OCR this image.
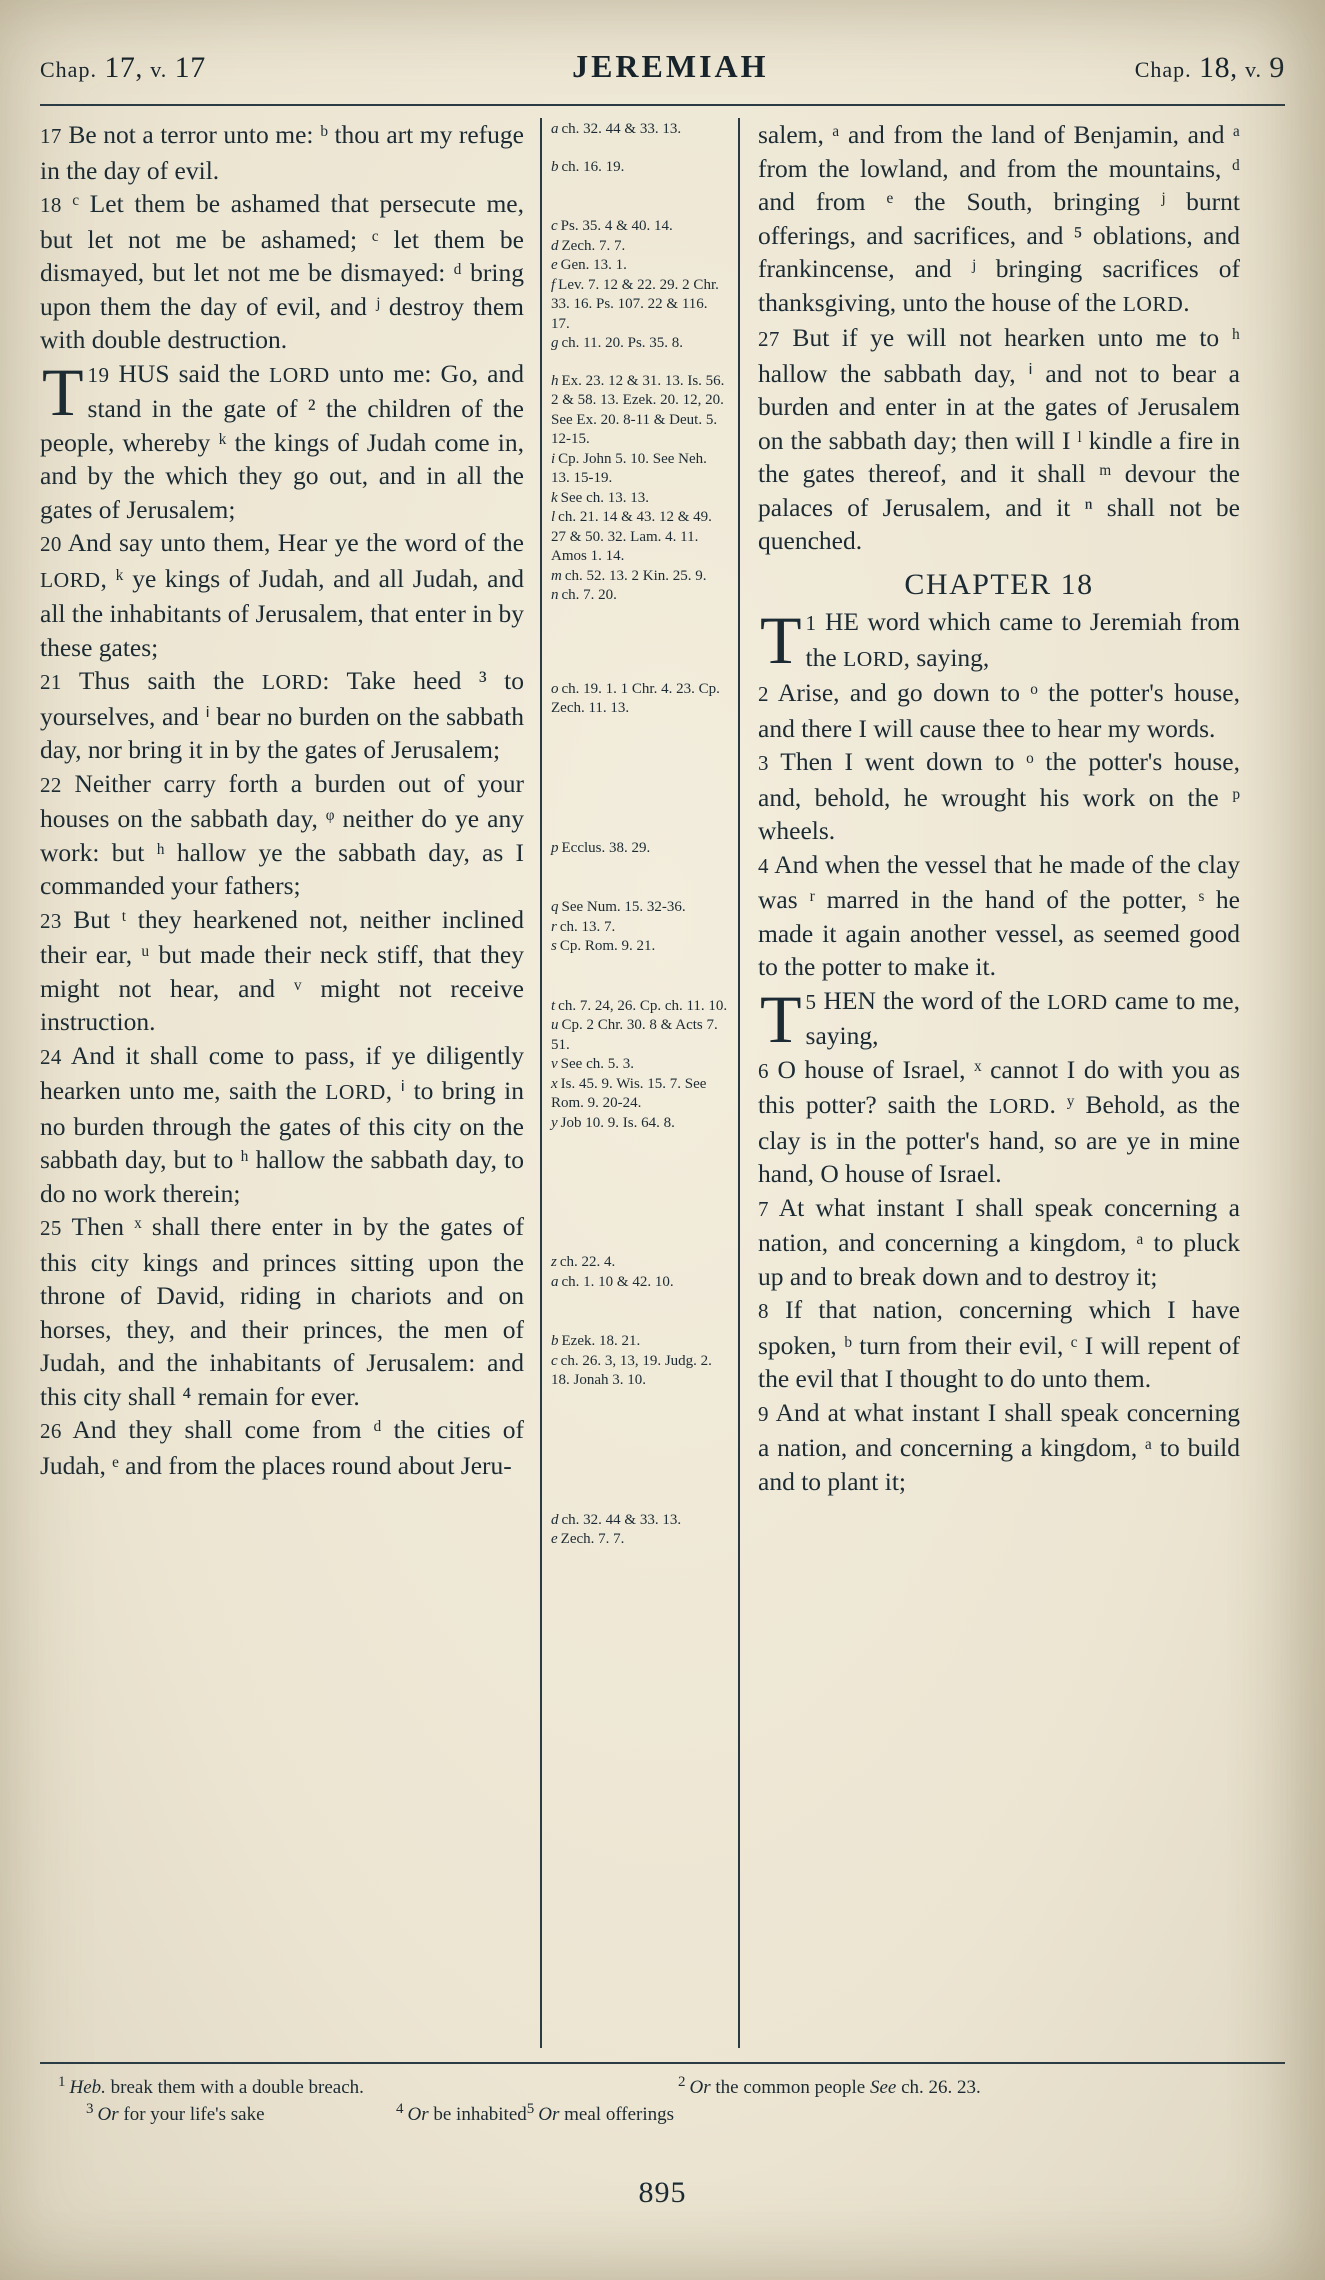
Chap. 17, v. 17	JEREMIAH	Chap. 18, v. 9

17 Be not a terror unto me: ᵇ thou art my refuge in the day of evil.

18 ᶜ Let them be ashamed that persecute me, but let not me be ashamed; ᶜ let them be dismayed, but let not me be dismayed: ᵈ bring upon them the day of evil, and ʲ destroy them with double destruction.

19
T HUS said the LORD unto me: Go, and stand in the gate of ² the children of the people, whereby ᵏ the kings of Judah come in, and by the which they go out, and in all the gates of Jerusalem;

20 And say unto them, Hear ye the word of the LORD, ᵏ ye kings of Judah, and all Judah, and all the inhabitants of Jerusalem, that enter in by these gates;

21 Thus saith the LORD: Take heed ³ to yourselves, and ⁱ bear no burden on the sabbath day, nor bring it in by the gates of Jerusalem;

22 Neither carry forth a burden out of your houses on the sabbath day, ᵠ neither do ye any work: but ʰ hallow ye the sabbath day, as I commanded your fathers;

23 But ᵗ they hearkened not, neither inclined their ear, ᵘ but made their neck stiff, that they might not hear, and ᵛ might not receive instruction.

24 And it shall come to pass, if ye diligently hearken unto me, saith the LORD, ⁱ to bring in no burden through the gates of this city on the sabbath day, but to ʰ hallow the sabbath day, to do no work therein;

25 Then ˣ shall there enter in by the gates of this city kings and princes sitting upon the throne of David, riding in chariots and on horses, they, and their princes, the men of Judah, and the inhabitants of Jerusalem: and this city shall ⁴ remain for ever.

26 And they shall come from ᵈ the cities of Judah, ᵉ and from the places round about Jeru-

a ch. 32. 44 & 33. 13.
b ch. 16. 19.
c Ps. 35. 4 & 40. 14.
d Zech. 7. 7.
e Gen. 13. 1.
f Lev. 7. 12 & 22. 29. 2 Chr. 33. 16. Ps. 107. 22 & 116. 17.
g ch. 11. 20. Ps. 35. 8.
h Ex. 23. 12 & 31. 13. Is. 56. 2 & 58. 13. Ezek. 20. 12, 20. See Ex. 20. 8-11 & Deut. 5. 12-15.
i Cp. John 5. 10. See Neh. 13. 15-19.
k See ch. 13. 13.
l ch. 21. 14 & 43. 12 & 49. 27 & 50. 32. Lam. 4. 11. Amos 1. 14.
m ch. 52. 13. 2 Kin. 25. 9.
n ch. 7. 20.
o ch. 19. 1. 1 Chr. 4. 23. Cp. Zech. 11. 13.
p Ecclus. 38. 29.
q See Num. 15. 32-36.
r ch. 13. 7.
s Cp. Rom. 9. 21.
t ch. 7. 24, 26. Cp. ch. 11. 10.
u Cp. 2 Chr. 30. 8 & Acts 7. 51.
v See ch. 5. 3.
x Is. 45. 9. Wis. 15. 7. See Rom. 9. 20-24.
y Job 10. 9. Is. 64. 8.
z ch. 22. 4.
a ch. 1. 10 & 42. 10.
b Ezek. 18. 21.
c ch. 26. 3, 13, 19. Judg. 2. 18. Jonah 3. 10.
d ch. 32. 44 & 33. 13.
e Zech. 7. 7.

salem, ᵃ and from the land of Benjamin, and ᵃ from the lowland, and from the mountains, ᵈ and from ᵉ the South, bringing ʲ burnt offerings, and sacrifices, and ⁵ oblations, and frankincense, and ʲ bringing sacrifices of thanksgiving, unto the house of the LORD.

27 But if ye will not hearken unto me to ʰ hallow the sabbath day, ⁱ and not to bear a burden and enter in at the gates of Jerusalem on the sabbath day; then will I ˡ kindle a fire in the gates thereof, and it shall ᵐ devour the palaces of Jerusalem, and it ⁿ shall not be quenched.

CHAPTER 18

1
T HE word which came to Jeremiah from the LORD, saying,

2 Arise, and go down to ᵒ the potter's house, and there I will cause thee to hear my words.

3 Then I went down to ᵒ the potter's house, and, behold, he wrought his work on the ᵖ wheels.

4 And when the vessel that he made of the clay was ʳ marred in the hand of the potter, ˢ he made it again another vessel, as seemed good to the potter to make it.

5
T HEN the word of the LORD came to me, saying,

6 O house of Israel, ˣ cannot I do with you as this potter? saith the LORD. ʸ Behold, as the clay is in the potter's hand, so are ye in mine hand, O house of Israel.

7 At what instant I shall speak concerning a nation, and concerning a kingdom, ᵃ to pluck up and to break down and to destroy it;

8 If that nation, concerning which I have spoken, ᵇ turn from their evil, ᶜ I will repent of the evil that I thought to do unto them.

9 And at what instant I shall speak concerning a nation, and concerning a kingdom, ᵃ to build and to plant it;

$^1$ Heb. break them with a double breach.	$^2$ Or the common people See ch. 26. 23.
$^3$ Or for your life's sake	$^4$ Or be inhabited $^5$ Or meal offerings
895
